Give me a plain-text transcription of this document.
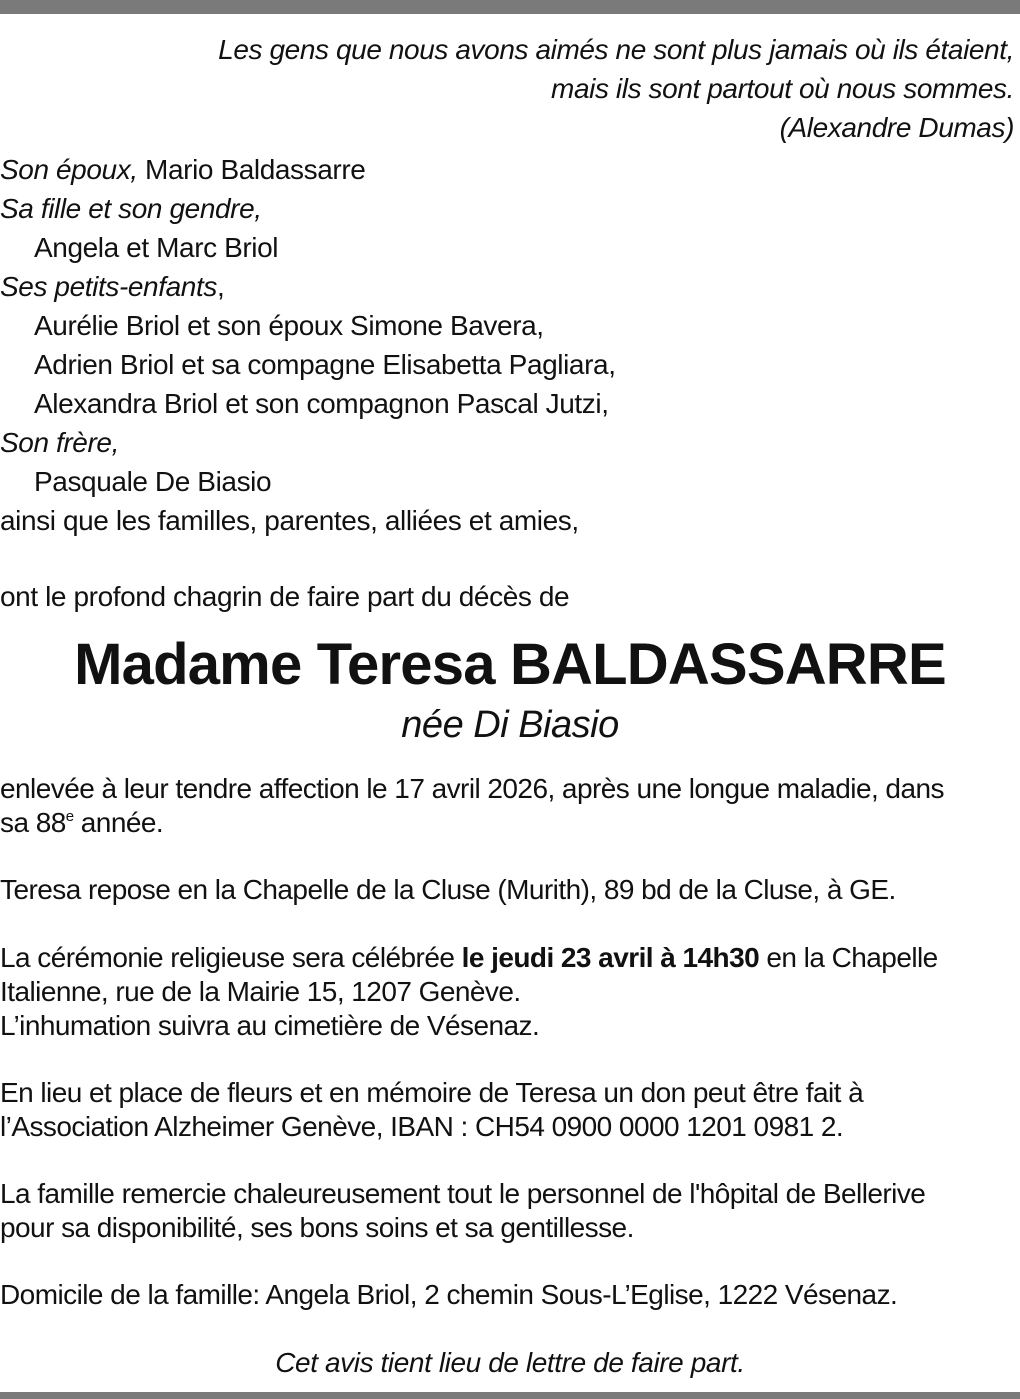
Les gens que nous avons aimés ne sont plus jamais où ils étaient,
mais ils sont partout où nous sommes.
(Alexandre Dumas)
Son époux, Mario Baldassarre
Sa fille et son gendre,
Angela et Marc Briol
Ses petits-enfants,
Aurélie Briol et son époux Simone Bavera,
Adrien Briol et sa compagne Elisabetta Pagliara,
Alexandra Briol et son compagnon Pascal Jutzi,
Son frère,
Pasquale De Biasio
ainsi que les familles, parentes, alliées et amies,
ont le profond chagrin de faire part du décès de
Madame Teresa BALDASSARRE
née Di Biasio
enlevée à leur tendre affection le 17 avril 2026, après une longue maladie, dans
sa 88e année.
Teresa repose en la Chapelle de la Cluse (Murith), 89 bd de la Cluse, à GE.
La cérémonie religieuse sera célébrée le jeudi 23 avril à 14h30 en la Chapelle
Italienne, rue de la Mairie 15, 1207 Genève.
L’inhumation suivra au cimetière de Vésenaz.
En lieu et place de fleurs et en mémoire de Teresa un don peut être fait à
l’Association Alzheimer Genève, IBAN : CH54 0900 0000 1201 0981 2.
La famille remercie chaleureusement tout le personnel de l'hôpital de Bellerive
pour sa disponibilité, ses bons soins et sa gentillesse.
Domicile de la famille: Angela Briol, 2 chemin Sous-L’Eglise, 1222 Vésenaz.
Cet avis tient lieu de lettre de faire part.
